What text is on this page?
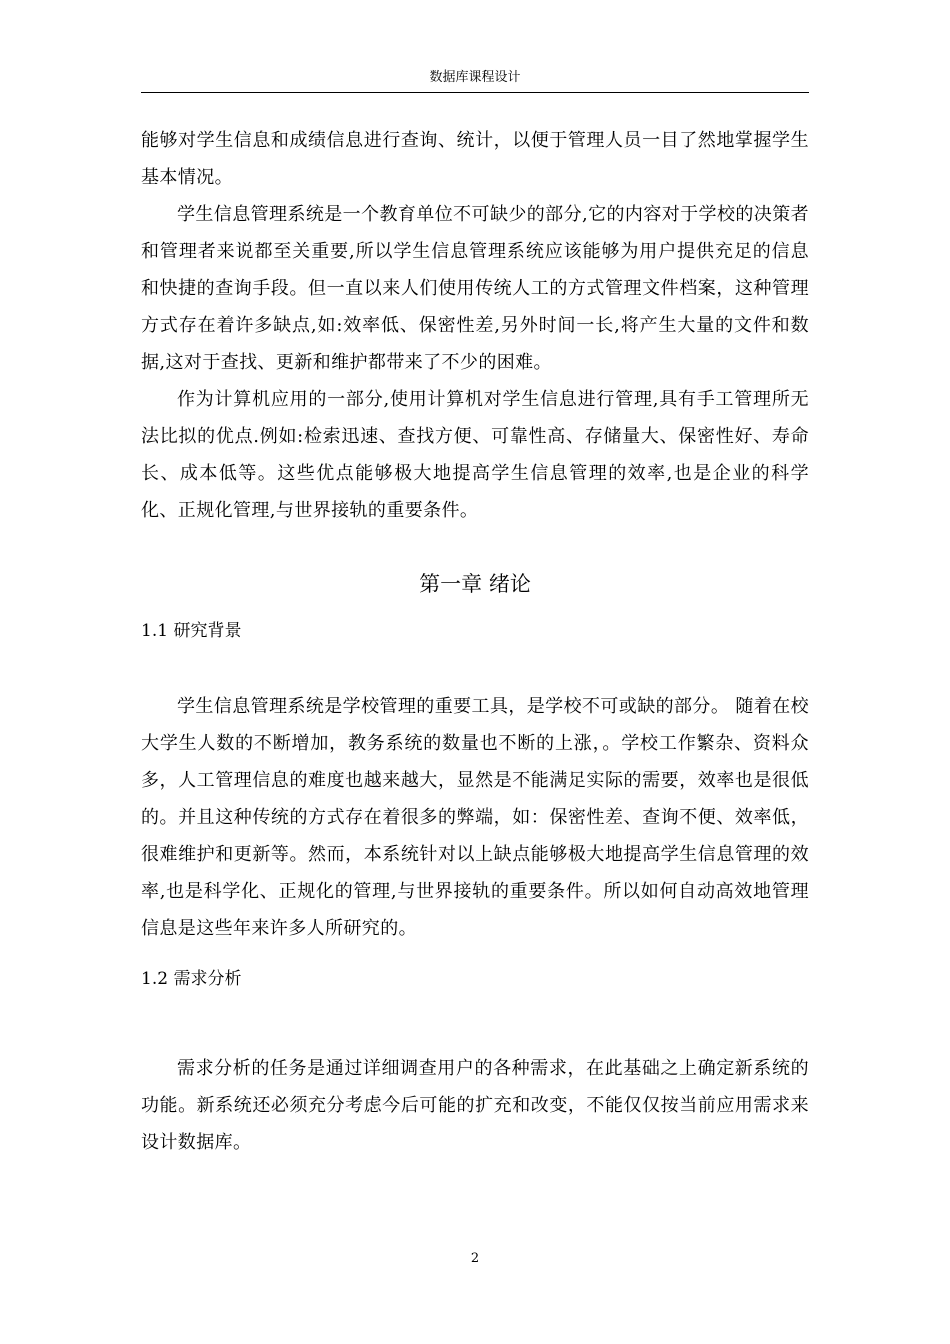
数据库课程设计

能够对学生信息和成绩信息进行查询、统计，以便于管理人员一目了然地掌握学生基本情况。

学生信息管理系统是一个教育单位不可缺少的部分,它的内容对于学校的决策者和管理者来说都至关重要,所以学生信息管理系统应该能够为用户提供充足的信息和快捷的查询手段。但一直以来人们使用传统人工的方式管理文件档案，这种管理方式存在着许多缺点,如:效率低、保密性差,另外时间一长,将产生大量的文件和数据,这对于查找、更新和维护都带来了不少的困难。

作为计算机应用的一部分,使用计算机对学生信息进行管理,具有手工管理所无法比拟的优点.例如:检索迅速、查找方便、可靠性高、存储量大、保密性好、寿命长、成本低等。这些优点能够极大地提高学生信息管理的效率,也是企业的科学化、正规化管理,与世界接轨的重要条件。

第一章 绪论
1.1 研究背景

学生信息管理系统是学校管理的重要工具，是学校不可或缺的部分。 随着在校大学生人数的不断增加，教务系统的数量也不断的上涨，。学校工作繁杂、资料众多，人工管理信息的难度也越来越大，显然是不能满足实际的需要，效率也是很低的。并且这种传统的方式存在着很多的弊端，如：保密性差、查询不便、效率低，很难维护和更新等。然而，本系统针对以上缺点能够极大地提高学生信息管理的效率,也是科学化、正规化的管理,与世界接轨的重要条件。所以如何自动高效地管理信息是这些年来许多人所研究的。

1.2 需求分析

需求分析的任务是通过详细调查用户的各种需求，在此基础之上确定新系统的功能。新系统还必须充分考虑今后可能的扩充和改变，不能仅仅按当前应用需求来设计数据库。

2
